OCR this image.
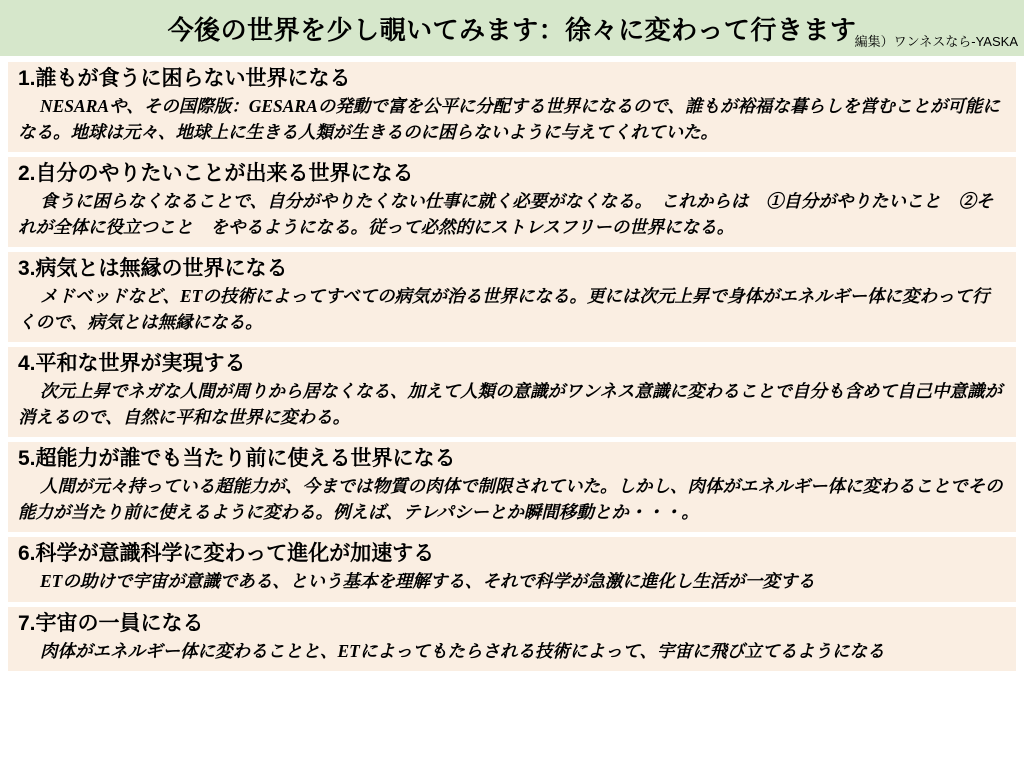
今後の世界を少し覗いてみます：徐々に変わって行きます
編集）ワンネスなら-YASKA

1.誰もが食うに困らない世界になる

NESARAや、その国際版：GESARAの発動で富を公平に分配する世界になるので、誰もが裕福な暮らしを営むことが可能になる。地球は元々、地球上に生きる人類が生きるのに困らないように与えてくれていた。

2.自分のやりたいことが出来る世界になる

食うに困らなくなることで、自分がやりたくない仕事に就く必要がなくなる。　これからは　①自分がやりたいこと　②それが全体に役立つこと　をやるようになる。従って必然的にストレスフリーの世界になる。

3.病気とは無縁の世界になる

メドベッドなど、ETの技術によってすべての病気が治る世界になる。更には次元上昇で身体がエネルギー体に変わって行くので、病気とは無縁になる。

4.平和な世界が実現する

次元上昇でネガな人間が周りから居なくなる、加えて人類の意識がワンネス意識に変わることで自分も含めて自己中意識が消えるので、自然に平和な世界に変わる。

5.超能力が誰でも当たり前に使える世界になる

人間が元々持っている超能力が、今までは物質の肉体で制限されていた。しかし、肉体がエネルギー体に変わることでその能力が当たり前に使えるように変わる。例えば、テレパシーとか瞬間移動とか・・・。

6.科学が意識科学に変わって進化が加速する

ETの助けで宇宙が意識である、という基本を理解する、それで科学が急激に進化し生活が一変する

7.宇宙の一員になる

肉体がエネルギー体に変わることと、ETによってもたらされる技術によって、宇宙に飛び立てるようになる
